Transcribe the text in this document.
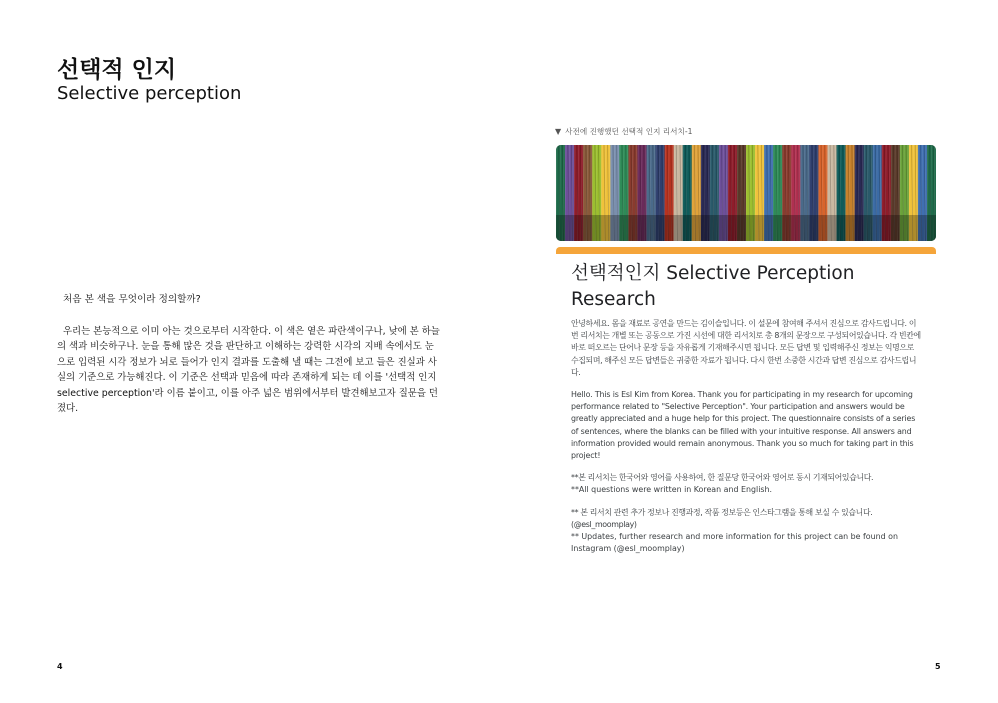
선택적 인지
Selective perception

처음 본 색을 무엇이라 정의할까?

우리는 본능적으로 이미 아는 것으로부터 시작한다. 이 색은 옅은 파란색이구나, 낮에 본 하늘의 색과 비슷하구나. 눈을 통해 많은 것을 판단하고 이해하는 강력한 시각의 지배 속에서도 눈으로 입력된 시각 정보가 뇌로 들어가 인지 결과를 도출해 낼 때는 그전에 보고 들은 진실과 사실의 기준으로 가능해진다. 이 기준은 선택과 믿음에 따라 존재하게 되는 데 이를 '선택적 인지 selective perception'라 이름 붙이고, 이를 아주 넓은 범위에서부터 발견해보고자 질문을 던졌다.

4
▼ 사전에 진행했던 선택적 인지 리서치-1
선택적인지 Selective Perception Research

안녕하세요. 몸을 재료로 공연을 만드는 김이슬입니다. 이 설문에 참여해 주셔서 진심으로 감사드립니다. 이번 리서치는 개별 또는 공동으로 가진 시선에 대한 리서치로 총 8개의 문장으로 구성되어있습니다. 각 빈칸에 바로 떠오르는 단어나 문장 등을 자유롭게 기재해주시면 됩니다. 모든 답변 및 입력해주신 정보는 익명으로 수집되며, 해주신 모든 답변들은 귀중한 자료가 됩니다. 다시 한번 소중한 시간과 답변 진심으로 감사드립니다.

Hello. This is Esl Kim from Korea. Thank you for participating in my research for upcoming performance related to "Selective Perception". Your participation and answers would be greatly appreciated and a huge help for this project. The questionnaire consists of a series of sentences, where the blanks can be filled with your intuitive response. All answers and information provided would remain anonymous. Thank you so much for taking part in this project!

**본 리서치는 한국어와 영어를 사용하여, 한 질문당 한국어와 영어로 동시 기재되어있습니다.
**All questions were written in Korean and English.

** 본 리서치 관련 추가 정보나 진행과정, 작품 정보등은 인스타그램을 통해 보실 수 있습니다. (@esl_moomplay)
** Updates, further research and more information for this project can be found on Instagram (@esl_moomplay)

5
